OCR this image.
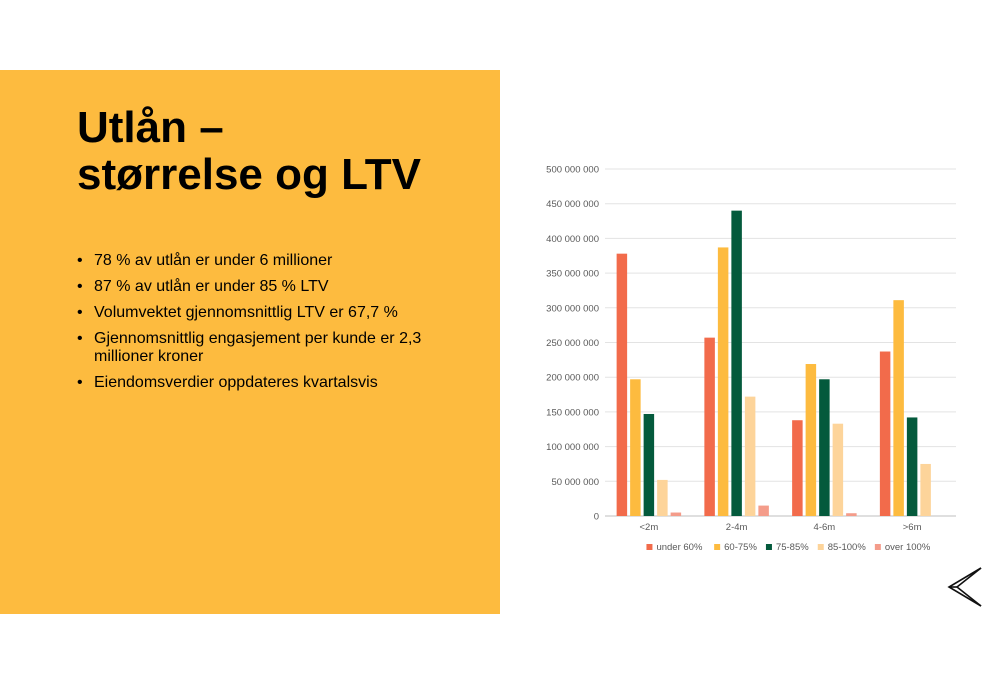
Utlån –
størrelse og LTV
• 78 % av utlån er under 6 millioner
• 87 % av utlån er under 85 % LTV
• Volumvektet gjennomsnittlig LTV er 67,7 %
• Gjennomsnittlig engasjement per kunde er 2,3 millioner kroner
• Eiendomsverdier oppdateres kvartalsvis
0
50 000 000
100 000 000
150 000 000
200 000 000
250 000 000
300 000 000
350 000 000
400 000 000
450 000 000
500 000 000
<2m	2-4m	4-6m	>6m
under 60% 60-75% 75-85% 85-100% over 100%
